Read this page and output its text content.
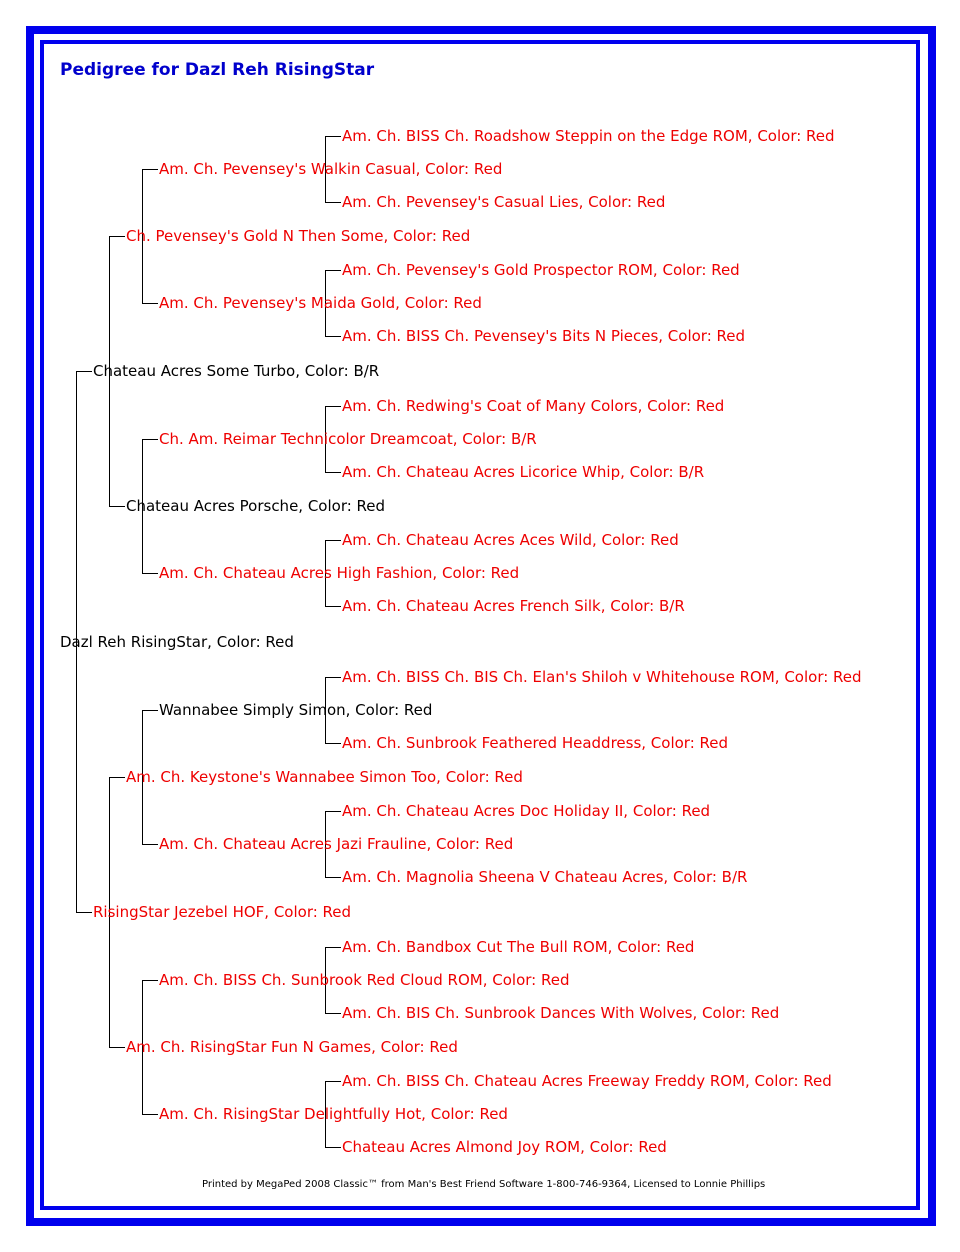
Pedigree for Dazl Reh RisingStar
Dazl Reh RisingStar, Color: Red
Chateau Acres Some Turbo, Color: B/R
RisingStar Jezebel HOF, Color: Red
Ch. Pevensey's Gold N Then Some, Color: Red
Chateau Acres Porsche, Color: Red
Am. Ch. Keystone's Wannabee Simon Too, Color: Red
Am. Ch. RisingStar Fun N Games, Color: Red
Am. Ch. Pevensey's Walkin Casual, Color: Red
Am. Ch. Pevensey's Maida Gold, Color: Red
Ch. Am. Reimar Technicolor Dreamcoat, Color: B/R
Am. Ch. Chateau Acres High Fashion, Color: Red
Wannabee Simply Simon, Color: Red
Am. Ch. Chateau Acres Jazi Frauline, Color: Red
Am. Ch. BISS Ch. Sunbrook Red Cloud ROM, Color: Red
Am. Ch. RisingStar Delightfully Hot, Color: Red
Am. Ch. BISS Ch. Roadshow Steppin on the Edge ROM, Color: Red
Am. Ch. Pevensey's Casual Lies, Color: Red
Am. Ch. Pevensey's Gold Prospector ROM, Color: Red
Am. Ch. BISS Ch. Pevensey's Bits N Pieces, Color: Red
Am. Ch. Redwing's Coat of Many Colors, Color: Red
Am. Ch. Chateau Acres Licorice Whip, Color: B/R
Am. Ch. Chateau Acres Aces Wild, Color: Red
Am. Ch. Chateau Acres French Silk, Color: B/R
Am. Ch. BISS Ch. BIS Ch. Elan's Shiloh v Whitehouse ROM, Color: Red
Am. Ch. Sunbrook Feathered Headdress, Color: Red
Am. Ch. Chateau Acres Doc Holiday II, Color: Red
Am. Ch. Magnolia Sheena V Chateau Acres, Color: B/R
Am. Ch. Bandbox Cut The Bull ROM, Color: Red
Am. Ch. BIS Ch. Sunbrook Dances With Wolves, Color: Red
Am. Ch. BISS Ch. Chateau Acres Freeway Freddy ROM, Color: Red
Chateau Acres Almond Joy ROM, Color: Red
Printed by MegaPed 2008 Classic™ from Man's Best Friend Software 1-800-746-9364, Licensed to Lonnie Phillips
